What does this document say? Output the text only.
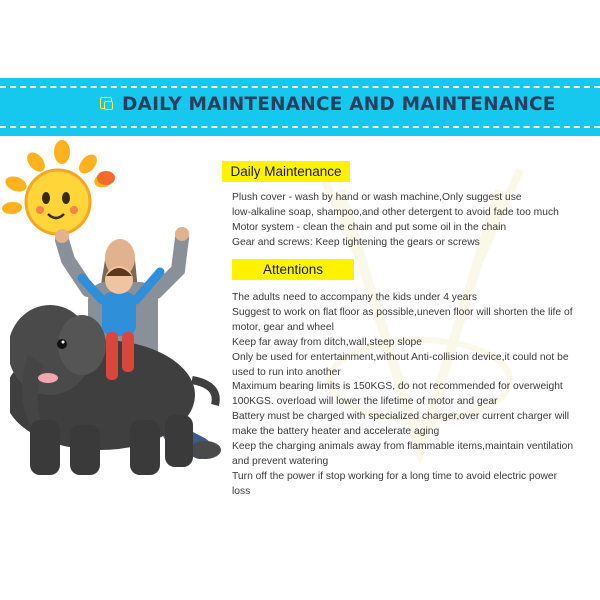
DAILY MAINTENANCE AND MAINTENANCE
Daily Maintenance
Plush cover - wash by hand or wash machine,Only suggest use
low-alkaline soap, shampoo,and other detergent to avoid fade too much
Motor system - clean the chain and put some oil in the chain
Gear and screws: Keep tightening the gears or screws
Attentions
The adults need to accompany the kids under 4 years
Suggest to work on flat floor as possible,uneven floor will shorten the life of
motor, gear and wheel
Keep far away from ditch,wall,steep slope
Only be used for entertainment,without Anti-collision device,it could not be
used to run into another
Maximum bearing limits is 150KGS, do not recommended for overweight
100KGS. overload will lower the lifetime of motor and gear
Battery must be charged with specialized charger,over current charger will
make the battery heater and accelerate aging
Keep the charging animals away from flammable items,maintain ventilation
and prevent watering
Turn off the power if stop working for a long time to avoid electric power
loss
